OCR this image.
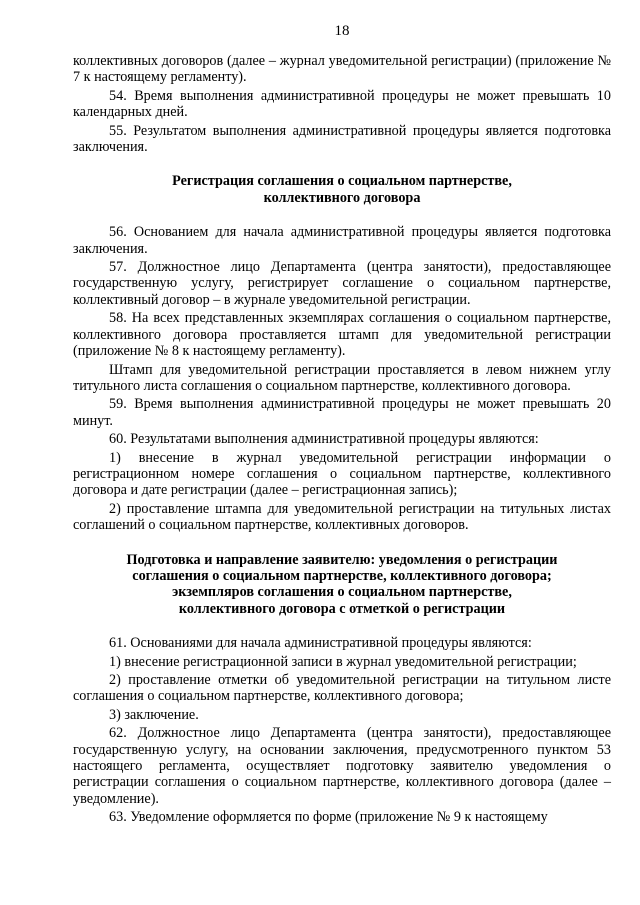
18

коллективных договоров (далее – журнал уведомительной регистрации) (приложение № 7 к настоящему регламенту).

54. Время выполнения административной процедуры не может превышать 10 календарных дней.

55. Результатом выполнения административной процедуры является подготовка заключения.

Регистрация соглашения о социальном партнерстве,
коллективного договора

56. Основанием для начала административной процедуры является подготовка заключения.

57. Должностное лицо Департамента (центра занятости), предоставляющее государственную услугу, регистрирует соглашение о социальном партнерстве, коллективный договор – в журнале уведомительной регистрации.

58. На всех представленных экземплярах соглашения о социальном партнерстве, коллективного договора проставляется штамп для уведомительной регистрации (приложение № 8 к настоящему регламенту).

Штамп для уведомительной регистрации проставляется в левом нижнем углу титульного листа соглашения о социальном партнерстве, коллективного договора.

59. Время выполнения административной процедуры не может превышать 20 минут.

60. Результатами выполнения административной процедуры являются:

1) внесение в журнал уведомительной регистрации информации о регистрационном номере соглашения о социальном партнерстве, коллективного договора и дате регистрации (далее – регистрационная запись);

2) проставление штампа для уведомительной регистрации на титульных листах соглашений о социальном партнерстве, коллективных договоров.

Подготовка и направление заявителю: уведомления о регистрации
соглашения о социальном партнерстве, коллективного договора;
экземпляров соглашения о социальном партнерстве,
коллективного договора с отметкой о регистрации

61. Основаниями для начала административной процедуры являются:

1) внесение регистрационной записи в журнал уведомительной регистрации;

2) проставление отметки об уведомительной регистрации на титульном листе соглашения о социальном партнерстве, коллективного договора;

3) заключение.

62. Должностное лицо Департамента (центра занятости), предоставляющее государственную услугу, на основании заключения, предусмотренного пунктом 53 настоящего регламента, осуществляет подготовку заявителю уведомления о регистрации соглашения о социальном партнерстве, коллективного договора (далее – уведомление).

63. Уведомление оформляется по форме (приложение № 9 к настоящему
